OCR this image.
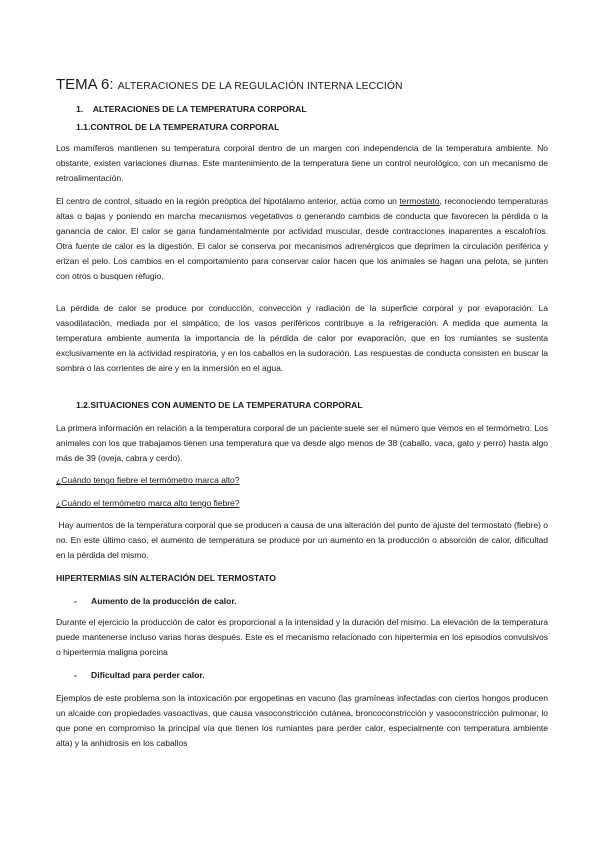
TEMA 6: ALTERACIONES DE LA REGULACIÓN INTERNA LECCIÓN
1.    ALTERACIONES DE LA TEMPERATURA CORPORAL
1.1.CONTROL DE LA TEMPERATURA CORPORAL
Los mamíferos mantienen su temperatura corporal dentro de un margen con independencia de la temperatura ambiente. No obstante, existen variaciones diurnas. Este mantenimiento de la temperatura tiene un control neurológico, con un mecanismo de retroalimentación.
El centro de control, situado en la región preóptica del hipotálamo anterior, actúa como un termostato, reconociendo temperaturas altas o bajas y poniendo en marcha mecanismos vegetativos o generando cambios de conducta que favorecen la pérdida o la ganancia de calor. El calor se gana fundamentalmente por actividad muscular, desde contracciones inaparentes a escalofríos. Otra fuente de calor es la digestión. El calor se conserva por mecanismos adrenérgicos que deprimen la circulación periférica y erizan el pelo. Los cambios en el comportamiento para conservar calor hacen que los animales se hagan una pelota, se junten con otros o busquen refugio.
La pérdida de calor se produce por conducción, convección y radiación de la superficie corporal y por evaporación. La vasodilatación, mediada por el simpático, de los vasos periféricos contribuye a la refrigeración. A medida que aumenta la temperatura ambiente aumenta la importancia de la pérdida de calor por evaporación, que en los rumiantes se sustenta exclusivamente en la actividad respiratoria, y en los caballos en la sudoración. Las respuestas de conducta consisten en buscar la sombra o las corrientes de aire y en la inmersión en el agua.
1.2.SITUACIONES CON AUMENTO DE LA TEMPERATURA CORPORAL
La primera información en relación a la temperatura corporal de un paciente suele ser el número que vemos en el termómetro. Los animales con los que trabajamos tienen una temperatura que va desde algo menos de 38 (caballo, vaca, gato y perro) hasta algo más de 39 (oveja, cabra y cerdo).
¿Cuándo tengo fiebre el termómetro marca alto?
¿Cuándo el termómetro marca alto tengo fiebre?
Hay aumentos de la temperatura corporal que se producen a causa de una alteración del punto de ajuste del termostato (fiebre) o no. En este último caso, el aumento de temperatura se produce por un aumento en la producción o absorción de calor, dificultad en la pérdida del mismo.
HIPERTERMIAS SIN ALTERACIÓN DEL TERMOSTATO
- Aumento de la producción de calor.
Durante el ejercicio la producción de calor es proporcional a la intensidad y la duración del mismo. La elevación de la temperatura puede mantenerse incluso varias horas después. Este es el mecanismo relacionado con hipertermia en los episodios convulsivos o hipertermia maligna porcina
- Dificultad para perder calor.
Ejemplos de este problema son la intoxicación por ergopetinas en vacuno (las gramíneas infectadas con ciertos hongos producen un alcaide con propiedades vasoactivas, que causa vasoconstricción cutánea, broncoconstricción y vasoconstricción pulmonar, lo que pone en compromiso la principal vía que tienen los rumiantes para perder calor, especialmente con temperatura ambiente alta) y la anhidrosis en los caballos
